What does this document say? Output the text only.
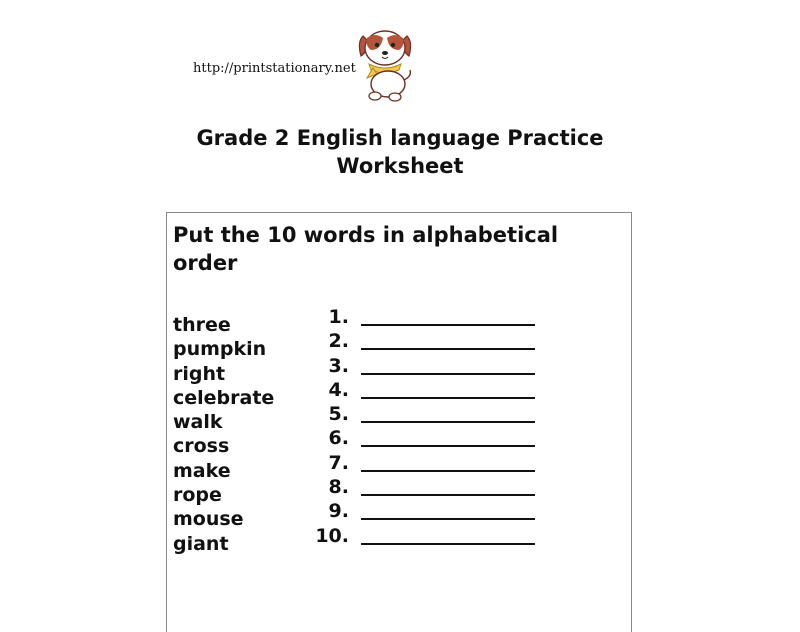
http://printstationary.net
Grade 2 English language Practice
Worksheet
Put the 10 words in alphabetical
order
three
pumpkin
right
celebrate
walk
cross
make
rope
mouse
giant
1.
2.
3.
4.
5.
6.
7.
8.
9.
10.
